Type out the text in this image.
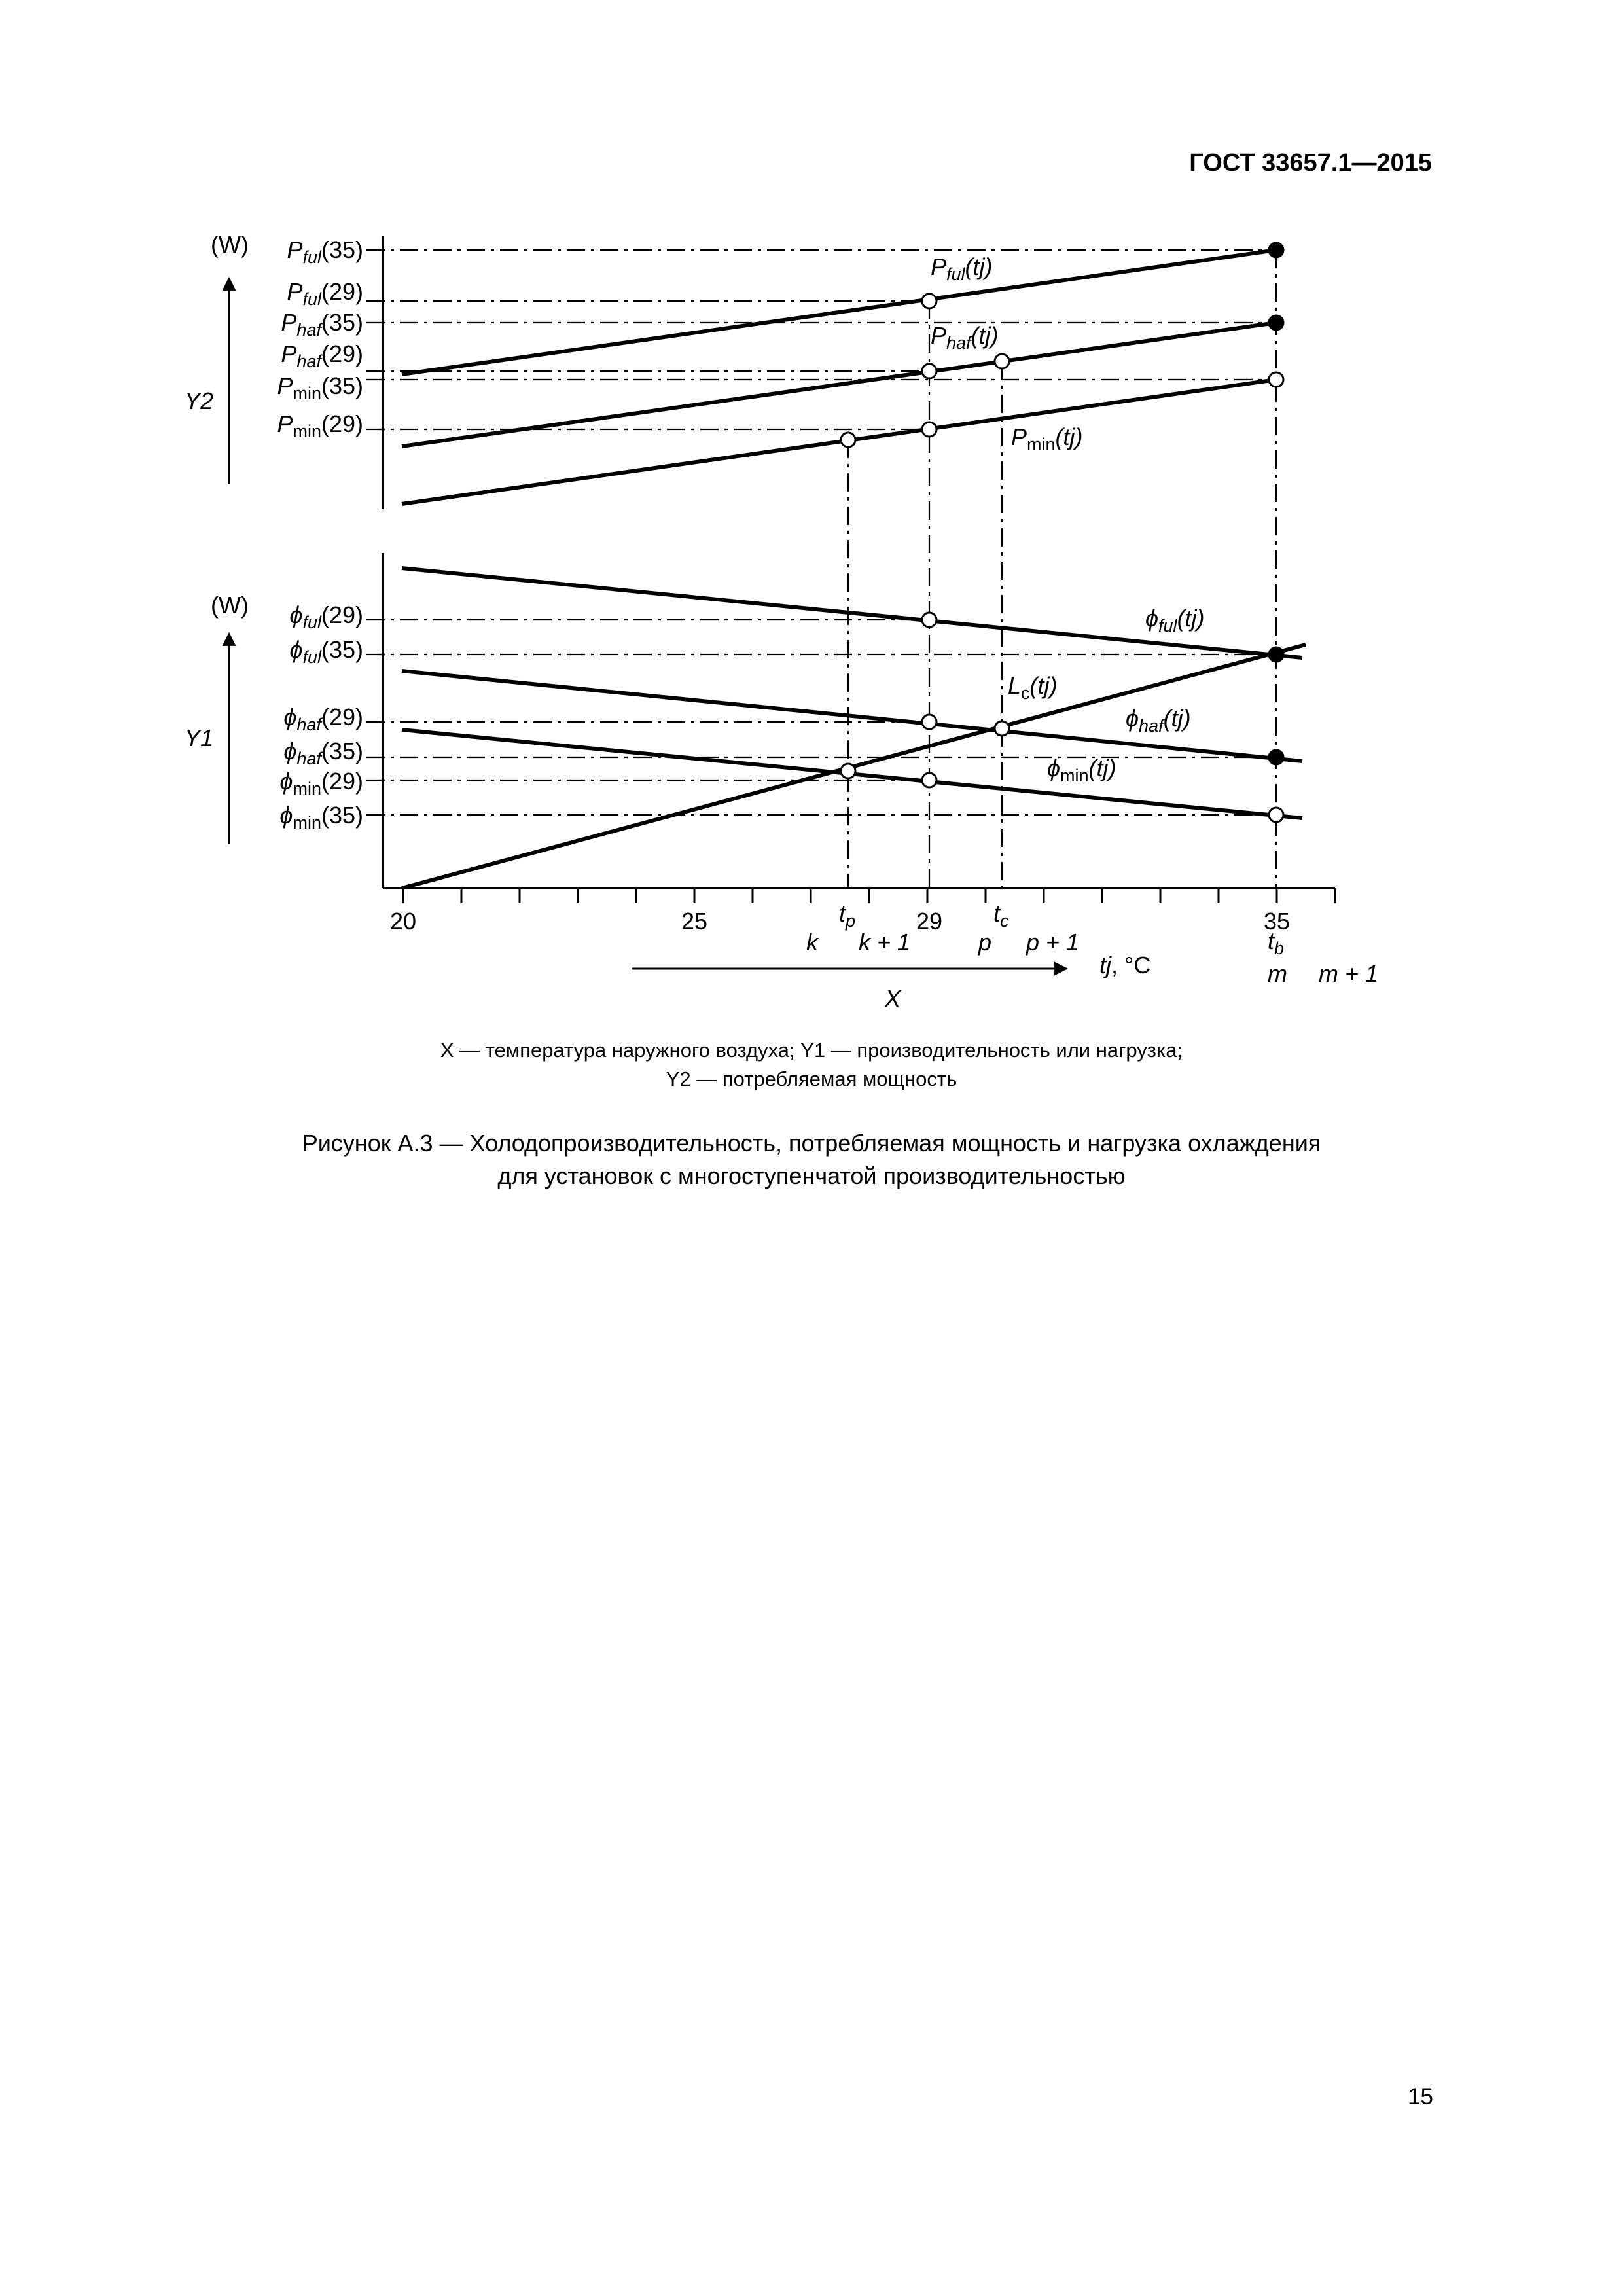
ГОСТ 33657.1—2015
(W)
Y2
(W)
Y1
$P_{ful}(35)$
$P_{ful}(29)$
$P_{haf}(35)$
$P_{haf}(29)$
$P_{min}(35)$
$P_{min}(29)$
$\phi_{ful}(29)$
$\phi_{ful}(35)$
$\phi_{haf}(29)$
$\phi_{haf}(35)$
$\phi_{min}(29)$
$\phi_{min}(35)$
$P_{ful}(tj)$
$P_{haf}(tj)$
$P_{min}(tj)$
$\phi_{ful}(tj)$
$L_c(tj)$
$\phi_{haf}(tj)$
$\phi_{min}(tj)$
20	25	29	35
$t_p$	$t_c$
$t_b$
k k + 1	p p + 1
m m + 1
tj, °C
X
X — температура наружного воздуха; Y1 — производительность или нагрузка;
Y2 — потребляемая мощность
Рисунок А.3 — Холодопроизводительность, потребляемая мощность и нагрузка охлаждения
для установок с многоступенчатой производительностью
15
